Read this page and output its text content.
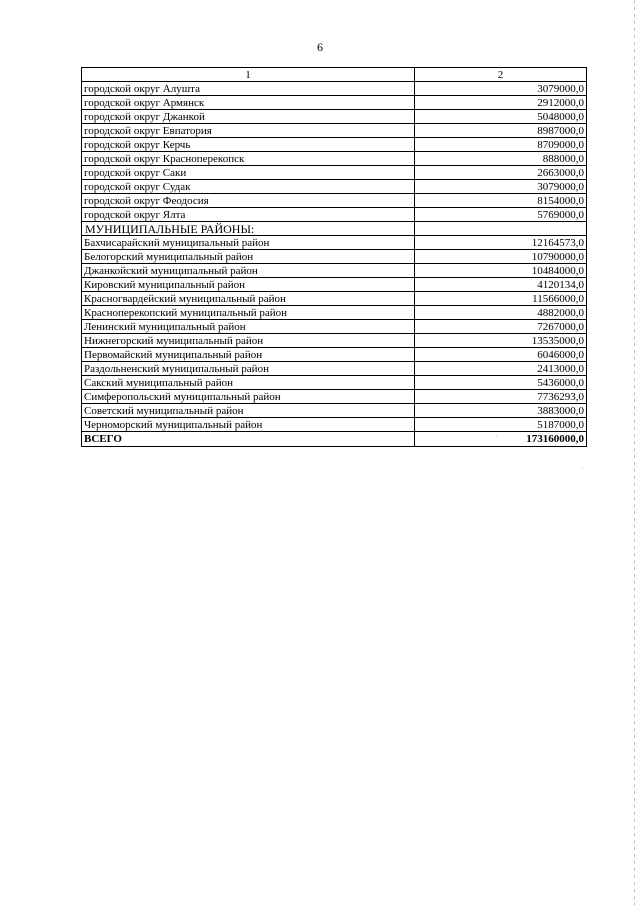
6
1	2
городской округ Алушта	3079000,0
городской округ Армянск	2912000,0
городской округ Джанкой	5048000,0
городской округ Евпатория	8987000,0
городской округ Керчь	8709000,0
городской округ Красноперекопск	888000,0
городской округ Саки	2663000,0
городской округ Судак	3079000,0
городской округ Феодосия	8154000,0
городской округ Ялта	5769000,0
МУНИЦИПАЛЬНЫЕ РАЙОНЫ:	
Бахчисарайский муниципальный район	12164573,0
Белогорский муниципальный район	10790000,0
Джанкойский муниципальный район	10484000,0
Кировский муниципальный район	4120134,0
Красногвардейский муниципальный район	11566000,0
Красноперекопский муниципальный район	4882000,0
Ленинский муниципальный район	7267000,0
Нижнегорский муниципальный район	13535000,0
Первомайский муниципальный район	6046000,0
Раздольненский муниципальный район	2413000,0
Сакский муниципальный район	5436000,0
Симферопольский муниципальный район	7736293,0
Советский муниципальный район	3883000,0
Черноморский муниципальный район	5187000,0
ВСЕГО	173160000,0
